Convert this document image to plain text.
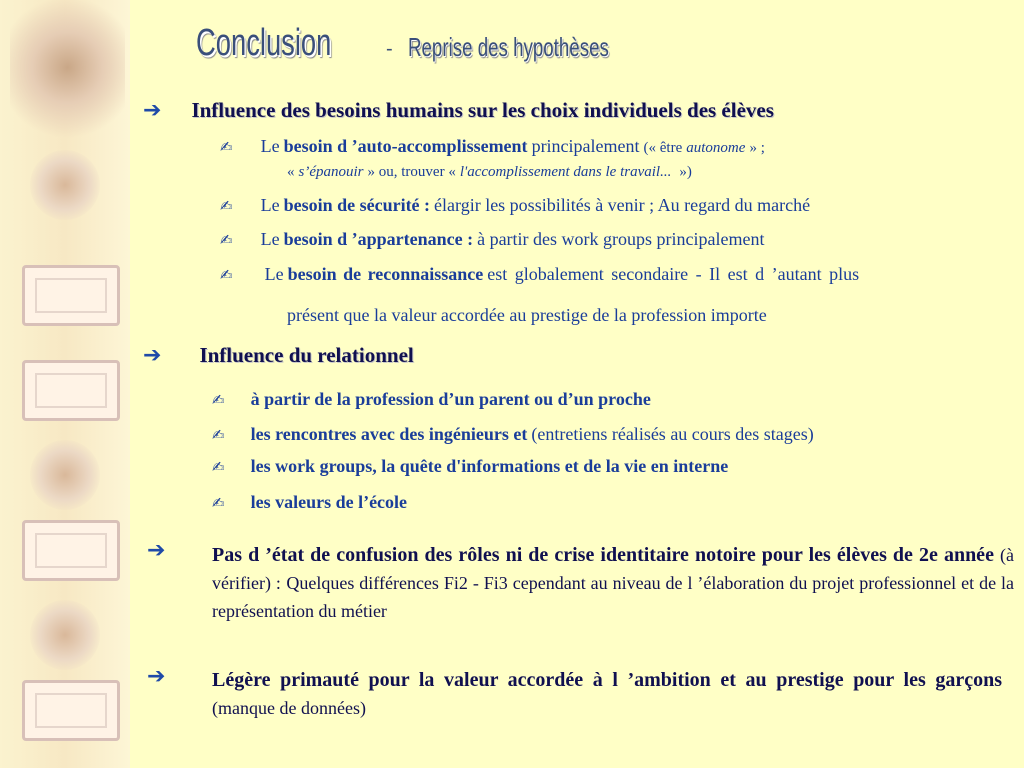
Conclusion	- Reprise des hypothèses
➔ Influence des besoins humains sur les choix individuels des élèves
✍ Le besoin d ’auto-accomplissement principalement (« être autonome » ;
« s’épanouir » ou, trouver « l'accomplissement dans le travail... »)
✍ Le besoin de sécurité : élargir les possibilités à venir ; Au regard du marché
✍ Le besoin d ’appartenance : à partir des work groups principalement
✍ Le besoin de reconnaissance est globalement secondaire - Il est d ’autant plus
présent que la valeur accordée au prestige de la profession importe
➔ Influence du relationnel
✍ à partir de la profession d’un parent ou d’un proche
✍ les rencontres avec des ingénieurs et (entretiens réalisés au cours des stages)
✍ les work groups, la quête d'informations et de la vie en interne
✍ les valeurs de l’école
➔ Pas d ’état de confusion des rôles ni de crise identitaire notoire pour les élèves de 2e année (à vérifier) : Quelques différences Fi2 - Fi3 cependant au niveau de l ’élaboration du projet professionnel et de la représentation du métier
➔ Légère primauté pour la valeur accordée à l ’ambition et au prestige pour les garçons (manque de données)
